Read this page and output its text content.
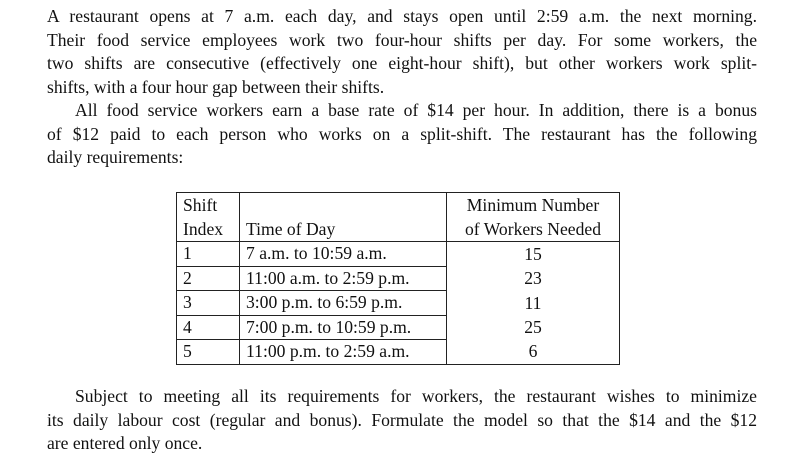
A restaurant opens at 7 a.m. each day, and stays open until 2:59 a.m. the next morning.
Their food service employees work two four-hour shifts per day. For some workers, the
two shifts are consecutive (effectively one eight-hour shift), but other workers work split-
shifts, with a four hour gap between their shifts.
All food service workers earn a base rate of $14 per hour. In addition, there is a bonus
of $12 paid to each person who works on a split-shift. The restaurant has the following
daily requirements:
Shift		Minimum Number
Index	Time of Day	of Workers Needed
1	7 a.m. to 10:59 a.m.	15
2	11:00 a.m. to 2:59 p.m.	23
3	3:00 p.m. to 6:59 p.m.	11
4	7:00 p.m. to 10:59 p.m.	25
5	11:00 p.m. to 2:59 a.m.	6
Subject to meeting all its requirements for workers, the restaurant wishes to minimize
its daily labour cost (regular and bonus). Formulate the model so that the $14 and the $12
are entered only once.
